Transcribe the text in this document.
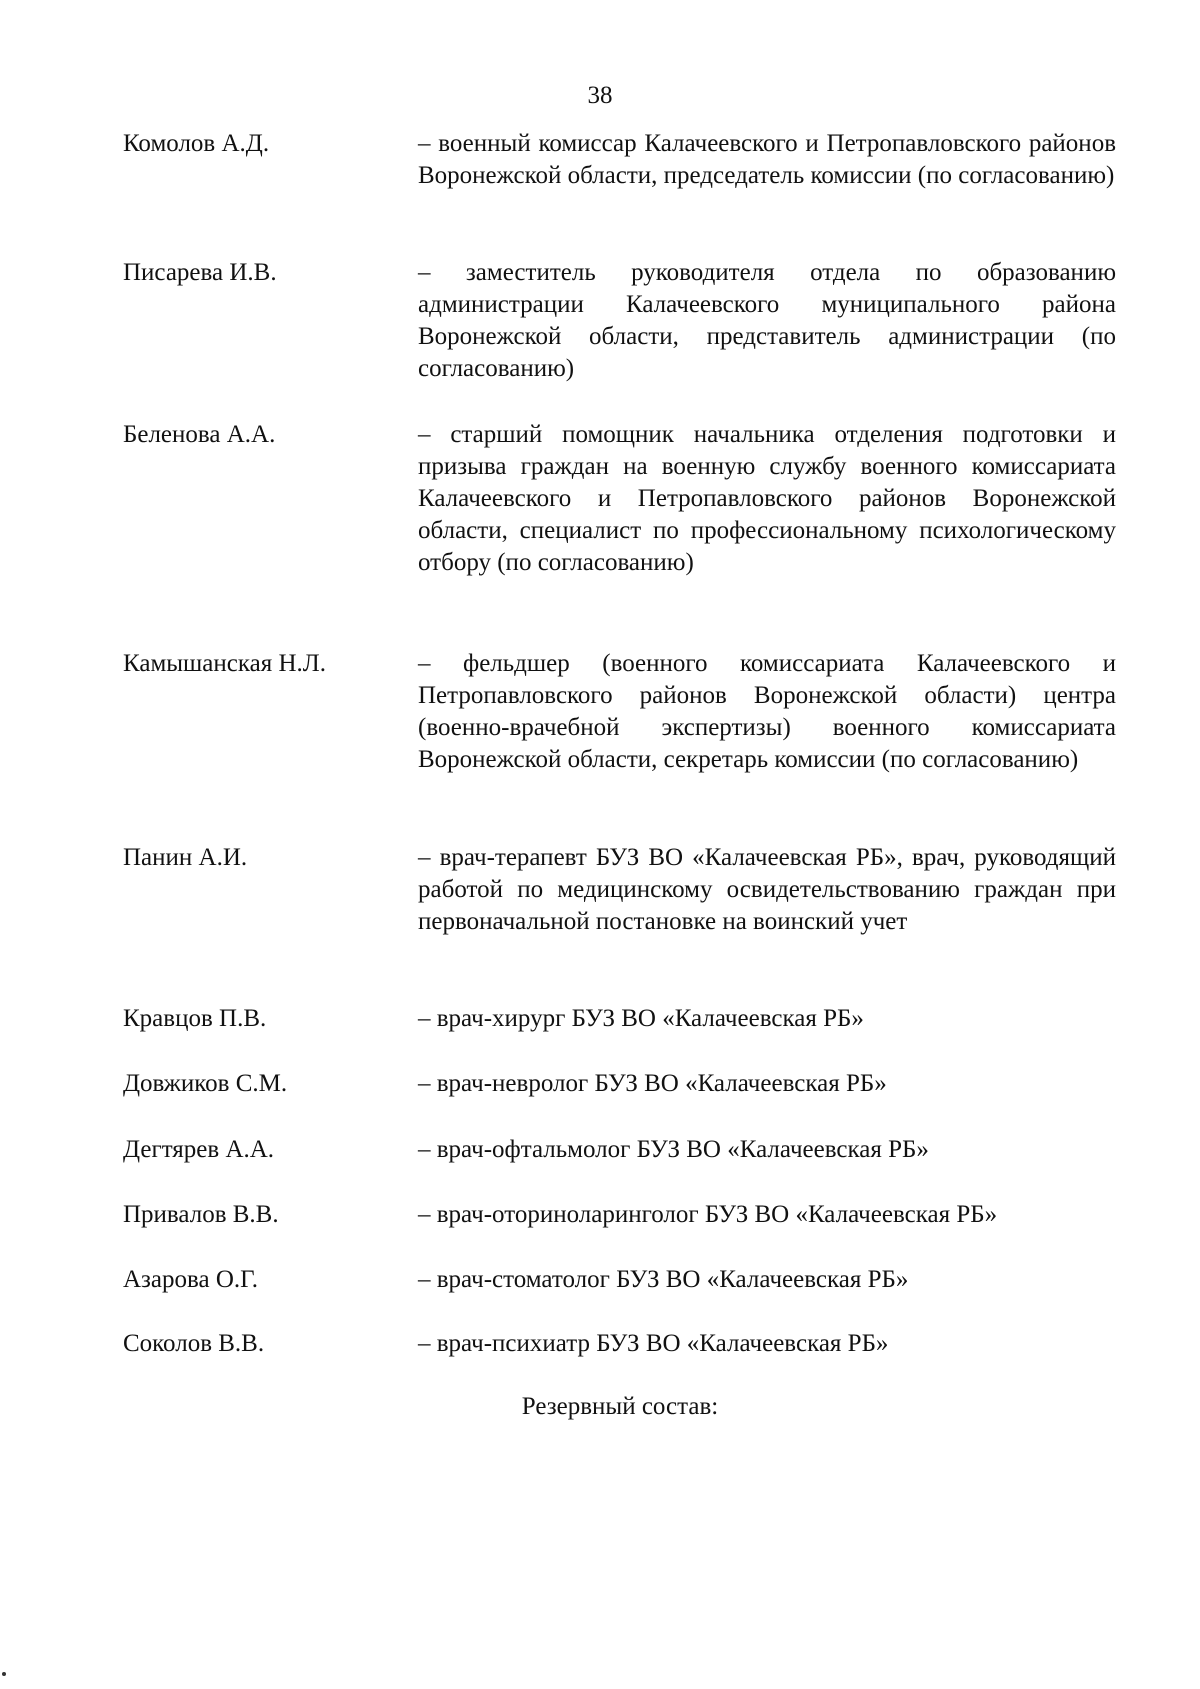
38
Комолов А.Д.	– военный комиссар Калачеевского и Петропавловского районов Воронежской области, председатель комиссии (по согласованию)
Писарева И.В.	– заместитель руководителя отдела по образованию администрации Калачеевского муниципального района Воронежской области, представитель администрации (по согласованию)
Беленова А.А.	– старший помощник начальника отделения подготовки и призыва граждан на военную службу военного комиссариата Калачеевского и Петропавловского районов Воронежской области, специалист по профессиональному психологическому отбору (по согласованию)
Камышанская Н.Л.	– фельдшер (военного комиссариата Калачеевского и Петропавловского районов Воронежской области) центра (военно-врачебной экспертизы) военного комиссариата Воронежской области, секретарь комиссии (по согласованию)
Панин А.И.	– врач-терапевт БУЗ ВО «Калачеевская РБ», врач, руководящий работой по медицинскому освидетельствованию граждан при первоначальной постановке на воинский учет
Кравцов П.В.	– врач-хирург БУЗ ВО «Калачеевская РБ»
Довжиков С.М.	– врач-невролог БУЗ ВО «Калачеевская РБ»
Дегтярев А.А.	– врач-офтальмолог БУЗ ВО «Калачеевская РБ»
Привалов В.В.	– врач-оториноларинголог БУЗ ВО «Калачеевская РБ»
Азарова О.Г.	– врач-стоматолог БУЗ ВО «Калачеевская РБ»
Соколов В.В.	– врач-психиатр БУЗ ВО «Калачеевская РБ»
Резервный состав:
